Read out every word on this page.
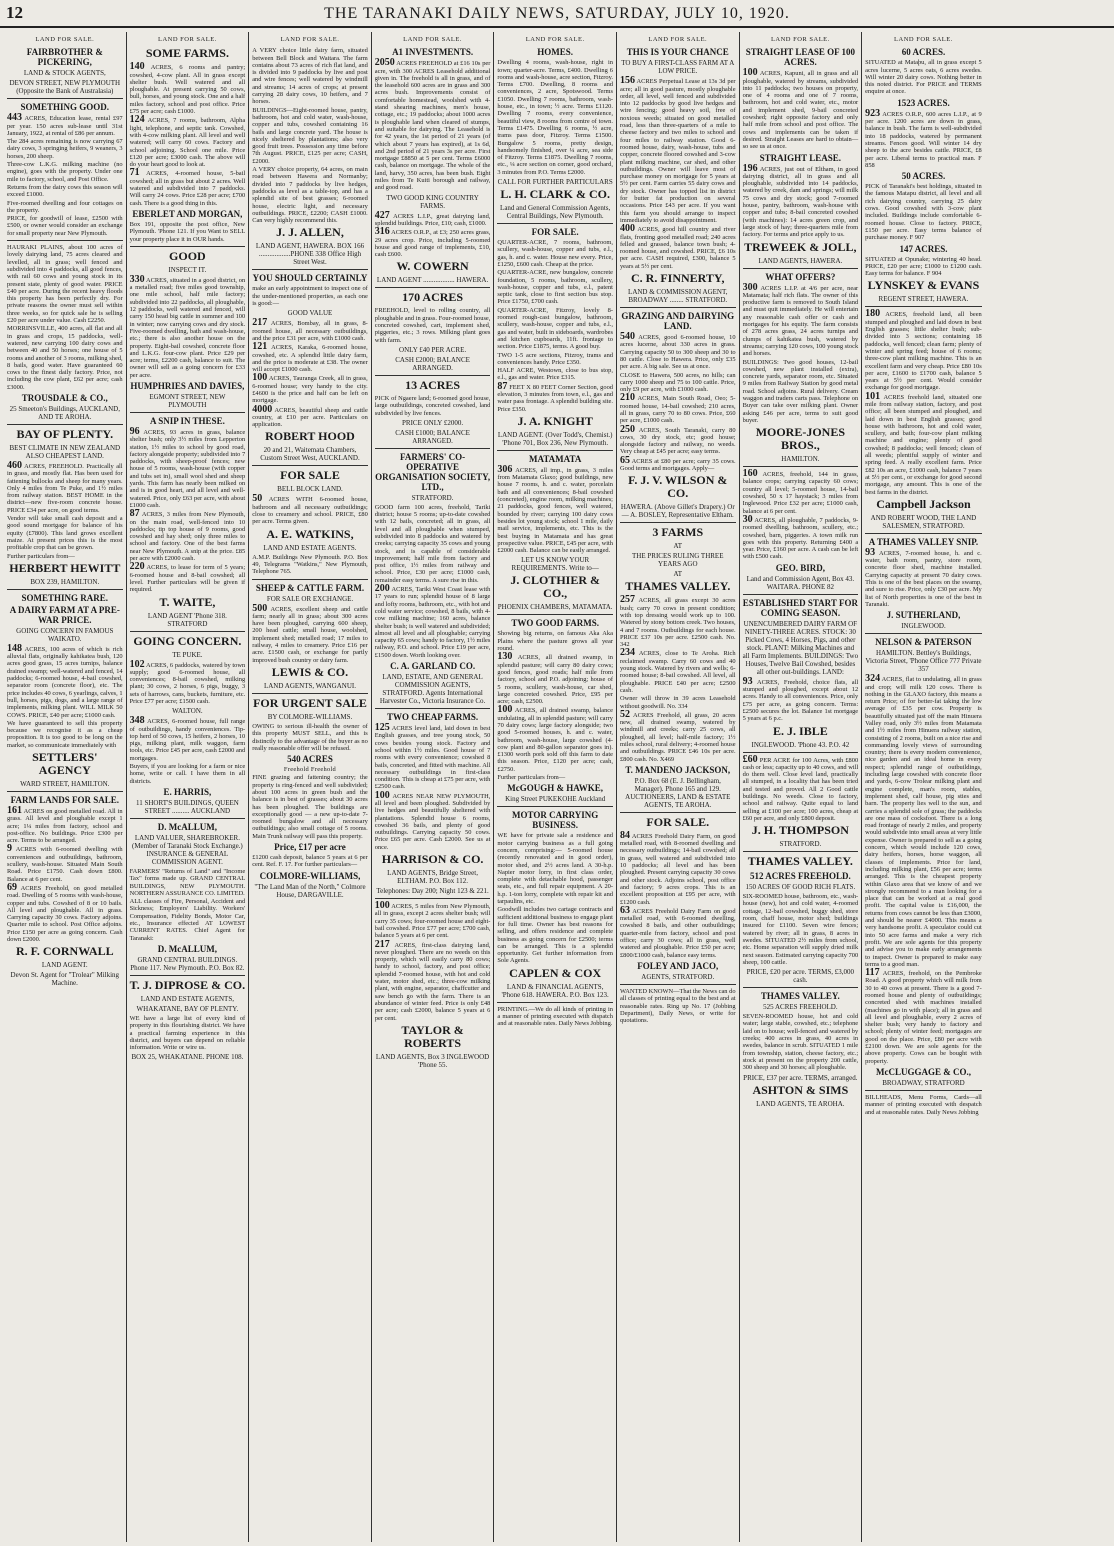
12	THE TARANAKI DAILY NEWS, SATURDAY, JULY 10, 1920.
LAND FOR SALE.
FAIRBROTHER & PICKERING,
LAND & STOCK AGENTS,
DEVON STREET, NEW PLYMOUTH (Opposite the Bank of Australasia)
SOMETHING GOOD.
443 ACRES, Education lease, rental £97 per year. 150 acres sub-lease until 31st January, 1922, at rental of £86 per annum.
The 284 acres remaining is now carrying 67 dairy cows, 3 springing heifers, 9 weaners, 3 horses, 200 sheep.
Three-cow L.K.G. milking machine (no engine), goes with the property. Under one mile to factory, school, and Post Office.
Returns from the dairy cows this season will exceed £1000.
Five-roomed dwelling and four cottages on the property.
PRICE, for goodwill of lease, £2500 with £500, or owner would consider an exchange for small property near New Plymouth.
HAURAKI PLAINS, about 100 acres of lovely dairying land, 75 acres cleared and levelled, all in grass; well fenced and subdivided into 4 paddocks, all good fences, with rail 60 cows and young stock in its present state, plenty of good water. PRICE £40 per acre. During the recent heavy floods this property has been perfectly dry. For private reasons the owner must sell within three weeks, so for quick sale he is selling £20 per acre under value. Cash £2250.
MORRINSVILLE, 400 acres, all flat and all in grass and crops, 15 paddocks, well-watered, new carrying 100 dairy cows and between 40 and 50 horses; one house of 5 rooms and another of 3 rooms, milking shed, 8 bails, good water. Have guaranteed 60 cows to the finest daily factory. Price, not including the cow plant, £62 per acre; cash £3000.
TROUSDALE & CO.,
25 Smeeton's Buildings, AUCKLAND, AND TE AROHA.
BAY OF PLENTY.
BEST CLIMATE IN NEW ZEALAND ALSO CHEAPEST LAND.
460 ACRES, FREEHOLD. Practically all in grass, and mostly flat. Has been used for fattening bullocks and sheep for many years. Only 4 miles from Te Puke, and 1½ miles from railway station. BEST HOME in the district—new five-room concrete house. PRICE £34 per acre, on good terms.
Vendor will take small cash deposit and a good sound mortgage for balance of his equity (£7800). This land grows excellent maize. At present prices this is the most profitable crop that can be grown.
Further particulars from—
HERBERT HEWITT
BOX 239, HAMILTON.
SOMETHING RARE.
A DAIRY FARM AT A PRE-WAR PRICE.
GOING CONCERN IN FAMOUS WAIKATO.
148 ACRES, 100 acres of which is rich alluvial flats, originally kahikatea bush, 120 acres good grass, 15 acres turnips, balance drained swamp; well-watered and fenced, 14 paddocks; 6-roomed house, 4-bail cowshed, separator room (concrete floor), etc. The price includes 40 cows, 6 yearlings, calves, 1 bull, horses, pigs, dogs, and a large range of implements, milking plant. WILL MILK 50 COWS. PRICE, £40 per acre; £1000 cash.
We have guaranteed to sell this property because we recognise it as a cheap proposition. It is too good to be long on the market, so communicate immediately with
SETTLERS' AGENCY
WARD STREET, HAMILTON.
FARM LANDS FOR SALE.
161 ACRES on good metalled road. All in grass. All level and ploughable except 1 acre; 1¼ miles from factory, school and post-office. No buildings. Price £300 per acre. Terms to be arranged.
9 ACRES with 6-roomed dwelling with conveniences and outbuildings, bathroom, scullery, wash-house. Situated Main South Road. Price £1750. Cash down £800. Balance at 6 per cent.
69 ACRES Freehold, on good metalled road. Dwelling of 5 rooms with wash-house, copper and tubs. Cowshed of 8 or 10 bails. All level and ploughable. All in grass. Carrying capacity 30 cows. Factory adjoins. Quarter mile to school. Post Office adjoins. Price £150 per acre as going concern. Cash down £2000.
R. F. CORNWALL
LAND AGENT.
Devon St. Agent for "Trolear" Milking Machine.
LAND FOR SALE.
SOME FARMS.
140 ACRES, 6 rooms and pantry; cowshed, 4-cow plant. All in grass except shelter bush. Well watered and all ploughable. At present carrying 50 cows, bull, horses, and young stock. One and a half miles factory, school and post office. Price £75 per acre; cash £1000.
124 ACRES, 7 rooms, bathroom, Alpha light, telephone, and septic tank. Cowshed, with 4-cow milking plant. All level and well watered; will carry 60 cows. Factory and school adjoining. School one mile. Price £120 per acre; £3000 cash. The above will do your heart good to look at.
71 ACRES, 4-roomed house, 5-bail cowshed; all in grass but about 2 acres. Well watered and subdivided into 7 paddocks. Will carry 24 cows. Price £28 per acre; £700 cash. There is a good thing in this.
EBERLET AND MORGAN,
Box 191, opposite the post office, New Plymouth. 'Phone 121. If you Want to SELL your property place it in OUR hands.
GOOD
INSPECT IT.
330 ACRES, situated in a good district, on a metalled road; five miles good township, one mile school, half mile factory; subdivided into 22 paddocks, all ploughable, 12 paddocks, well watered and fenced, will carry 150 head big cattle in summer and 100 in winter; now carrying cows and dry stock. Five-roomed dwelling, bath and wash-house, etc.; there is also another house on the property. Eight-bail cowshed, concrete floor and L.K.G. four-cow plant. Price £29 per acre; terms, £2200 cash, balance to suit. The owner will sell as a going concern for £33 per acre.
HUMPHRIES AND DAVIES,
EGMONT STREET, NEW PLYMOUTH
A SNIP IN THESE.
96 ACRES, 93 acres in grass, balance shelter bush; only 3½ miles from Lepperton station, 1½ miles to school by good road, factory alongside property; subdivided into 7 paddocks, with sheep-proof fences; new house of 5 rooms, wash-house (with copper and tubs set in), small wool shed and sheep yards. This farm has nearly been milked on and is in good heart, and all level and well-watered. Price, only £63 per acre, with about £1000 cash.
87 ACRES, 3 miles from New Plymouth, on the main road, well-fenced into 10 paddocks; tip top house of 9 rooms, good cowshed and hay shed; only three miles to school and factory. One of the best farms near New Plymouth. A snip at the price. £85 per acre with £2000 cash.
220 ACRES, to lease for term of 5 years; 6-roomed house and 8-bail cowshed; all level. Further particulars will be given if required.
T. WAITE,
LAND AGENT 'Phone 318. STRATFORD
GOING CONCERN.
TE PUKE.
102 ACRES, 6 paddocks, watered by town supply; good 6-roomed house, all conveniences; 8-bail cowshed, milking plant; 30 cows, 2 horses, 6 pigs, buggy, 3 sets of harrows, cans, buckets, furniture, etc. Price £77 per acre; £1500 cash.
WALTON.
348 ACRES, 6-roomed house, full range of outbuildings, handy conveniences. Tip-top herd of 50 cows, 15 heifers, 2 horses, 10 pigs, milking plant, milk waggon, farm tools, etc. Price £45 per acre, cash £2000 and mortgages.
Buyers, if you are looking for a farm or nice home, write or call. I have them in all districts.
E. HARRIS,
11 SHORT'S BUILDINGS, QUEEN STREET .......... AUCKLAND
D. McALLUM,
LAND VALUER, SHAREBROKER. (Member of Taranaki Stock Exchange.) INSURANCE & GENERAL COMMISSION AGENT.
FARMERS' "Returns of Land" and "Income Tax" forms made up. GRAND CENTRAL BUILDINGS, NEW PLYMOUTH. NORTHERN ASSURANCE CO. LIMITED.
ALL classes of Fire, Personal, Accident and Sickness; Employers' Liability. Workers' Compensation, Fidelity Bonds, Motor Car, etc., Insurance effected AT LOWEST CURRENT RATES. Chief Agent for Taranaki:
D. McALLUM,
GRAND CENTRAL BUILDINGS. Phone 117. New Plymouth. P.O. Box 82.
T. J. DIPROSE & CO.
LAND AND ESTATE AGENTS,
WHAKATANE, BAY OF PLENTY.
WE have a large list of every kind of property in this flourishing district. We have a practical farming experience in this district, and buyers can depend on reliable information. Write or wire us.
BOX 25, WHAKATANE. PHONE 108.
LAND FOR SALE.
A VERY choice little dairy farm, situated between Bell Block and Waitara. The farm contains about 73 acres of rich flat land, and is divided into 9 paddocks by live and post and wire fences; well watered by windmill and streams; 14 acres of crops; at present carrying 28 dairy cows, 10 heifers, and 7 horses.
BUILDINGS—Eight-roomed house, pantry, bathroom, hot and cold water, wash-house, copper and tubs, cowshed containing 16 bails and large concrete yard. The house is nicely sheltered by plantations; also very good fruit trees. Possession any time before 7th August. PRICE, £125 per acre; CASH, £2000.
A VERY choice property, 64 acres, on main road between Hawera and Normanby; divided into 7 paddocks by live hedges, paddocks as level as a table-top, and has a splendid site of best grasses; 6-roomed house, electric light, and necessary outbuildings. PRICE, £2200; CASH £1000. Can very highly recommend this.
J. J. ALLEN,
LAND AGENT, HAWERA. BOX 166 ..................PHONE 338 Office High Street West.
YOU SHOULD CERTAINLY
make an early appointment to inspect one of the under-mentioned properties, as each one is good:—
GOOD VALUE
217 ACRES, Bombay, all in grass, 8-roomed house, all necessary outbuildings, and the price £31 per acre, with £1000 cash.
121 ACRES, Karaka, 6-roomed house, cowshed, etc. A splendid little dairy farm, and the price is moderate at £38. The owner will accept £1000 cash.
100 ACRES, Tauranga Creek, all in grass, 6-roomed house; very handy to the city. £4600 is the price and half can be left on mortgage.
4000 ACRES, beautiful sheep and cattle country, at £10 per acre. Particulars on application.
ROBERT HOOD
20 and 21, Waitemata Chambers, Custom Street West, AUCKLAND.
FOR SALE
BELL BLOCK LAND.
50 ACRES WITH 6-roomed house, bathroom and all necessary outbuildings; close to creamery and school. PRICE, £80 per acre. Terms given.
A. E. WATKINS,
LAND AND ESTATE AGENTS.
A.M.P. Buildings New Plymouth. P.O. Box 49, Telegrams "Watkins," New Plymouth, Telephone 765.
SHEEP & CATTLE FARM.
FOR SALE OR EXCHANGE.
500 ACRES, excellent sheep and cattle farm; nearly all in grass; about 300 acres have been ploughed, carrying 600 sheep, 200 head cattle; small house, woolshed, implement shed; metalled road; 17 miles to railway, 4 miles to creamery. Price £16 per acre. £1500 cash, or exchange for partly improved bush country or dairy farm.
LEWIS & CO.
LAND AGENTS, WANGANUI.
FOR URGENT SALE
BY COLMORE-WILLIAMS.
OWING to serious ill-health the owner of this property MUST SELL, and this is distinctly to the advantage of the buyer as no really reasonable offer will be refused.
540 ACRES
Freehold Freehold
FINE grazing and fattening country; the property is ring-fenced and well subdivided; about 100 acres in green bush and the balance is in best of grasses; about 30 acres has been ploughed. The buildings are exceptionally good — a new up-to-date 7-roomed bungalow and all necessary outbuildings; also small cottage of 5 rooms. Main Trunk railway will pass this property.
Price, £17 per acre
£1200 cash deposit, balance 5 years at 6 per cent. Ref. F. 17. For further particulars—
COLMORE-WILLIAMS,
"The Land Man of the North," Colmore House, DARGAVILLE.
LAND FOR SALE.
A1 INVESTMENTS.
2050 ACRES FREEHOLD at £16 10s per acre, with 300 ACRES Leasehold additional given in. The freehold is all in grass, and of the leasehold 600 acres are in grass and 300 acres bush. Improvements consist of comfortable homestead, woolshed with 4-stand shearing machines, men's house, cottage, etc.; 19 paddocks; about 1000 acres is ploughable land when cleared of stumps, and suitable for dairying. The Leasehold is for 42 years, the 1st period of 21 years (of which about 7 years has expired), at 1s 6d, and 2nd period of 21 years 3s per acre. First mortgage £8850 at 5 per cent. Terms £6000 cash, balance on mortgage. The whole of the land, harvy, 350 acres, has been bush. Eight miles from Te Kuiti borough and railway, and good road.
TWO GOOD KING COUNTRY FARMS.
427 ACRES L.I.P., great dairying land, splendid buildings. Price, £10; cash, £1000.
316 ACRES O.R.P., at £3; 250 acres grass, 29 acres crop. Price, including 5-roomed house and good range of implements, £10, cash £600.
W. COWERN
LAND AGENT .................. HAWERA.
170 ACRES
FREEHOLD, level to rolling country, all ploughable and in grass. Four-roomed house, concreted cowshed, cart, implement shed, piggeries, etc.; 3 rows. Milking plant goes with farm.
ONLY £40 PER ACRE.
CASH £2000; BALANCE ARRANGED.
13 ACRES
PICK of Ngaere land; 6-roomed good house, large outbuildings, concreted cowshed, land subdivided by live fences.
PRICE ONLY £2000.
CASH £1000; BALANCE ARRANGED.
FARMERS' CO-OPERATIVE ORGANISATION SOCIETY, LTD.,
STRATFORD.
GOOD farm 100 acres, freehold, Tariki district; house 5 rooms; up-to-date cowshed with 12 bails, concreted; all in grass, all level and all ploughable when stumped, subdivided into 8 paddocks and watered by creeks; carrying capacity 35 cows and young stock, and is capable of considerable improvement; half mile from factory and post office, 1½ miles from railway and school. Price, £30 per acre; £1000 cash, remainder easy terms. A sure rise in this.
200 ACRES, Tariki West Coast lease with 17 years to run; splendid house of 8 large and lofty rooms, bathroom, etc., with hot and cold water service; cowshed, 8 bails, with 4-cow milking machine; 160 acres, balance shelter bush; is well watered and subdivided; almost all level and all ploughable; carrying capacity 65 cows; handy to factory, 1½ miles railway, P.O. and school. Price £19 per acre, £1500 down. Worth looking over.
C. A. GARLAND CO.
LAND, ESTATE, AND GENERAL COMMISSION AGENTS, STRATFORD. Agents International Harvester Co., Victoria Insurance Co.
TWO CHEAP FARMS.
125 ACRES level land, laid down in best English grasses, and tree young stock, 50 cows besides young stock. Factory and school within 1½ miles. Good house of 7 rooms with every convenience; cowshed 8 bails, concreted, and fitted with machine. All necessary outbuildings in first-class condition. This is cheap at £75 per acre, with £2500 cash.
100 ACRES NEAR NEW PLYMOUTH, all level and been ploughed. Subdivided by live hedges and beautifully sheltered with plantations. Splendid house 6 rooms, cowshed 36 bails, and plenty of good outbuildings. Carrying capacity 50 cows. Price £65 per acre. Cash £2000. See us at once.
HARRISON & CO.
LAND AGENTS, Bridge Street, ELTHAM. P.O. Box 112.
Telephones: Day 200; Night 123 & 221.
100 ACRES, 5 miles from New Plymouth, all in grass, except 2 acres shelter bush; will carry 35 cows; four-roomed house and eight-bail cowshed. Price £77 per acre; £700 cash, balance 5 years at 6 per cent.
217 ACRES, first-class dairying land, never ploughed. There are no weeds on this property, which will easily carry 80 cows; handy to school, factory, and post office; splendid 7-roomed house, with hot and cold water, motor shed, etc.; three-cow milking plant, with engine, separator, chaffcutter and saw bench go with the farm. There is an abundance of winter feed. Price is only £48 per acre; cash £2000, balance 5 years at 6 per cent.
TAYLOR & ROBERTS
LAND AGENTS, Box 3 INGLEWOOD 'Phone 55.
LAND FOR SALE.
HOMES.
Dwelling 4 rooms, wash-house, right in town; quarter-acre. Terms, £400. Dwelling 6 rooms and wash-house, acre section, Fitzroy. Terms £700. Dwelling, 8 rooms and conveniences, 2 acre, Spotswood. Terms £1050. Dwelling 7 rooms, bathroom, wash-house, etc., in town; ½ acre. Terms £1120. Dwelling 7 rooms, every convenience, beautiful view, 8 rooms from centre of town. Terms £1475. Dwelling 6 rooms, ½ acre, trams pass door, Fitzroy. Terms £1500. Bungalow 5 rooms, pretty design, handsomely finished, over ¼ acre, sea side of Fitzroy. Terms £1875. Dwelling 7 rooms, etc., ¼ acre section on corner, good orchard, 3 minutes from P.O. Terms £2000.
CALL FOR FURTHER PARTICULARS
L. H. CLARK & CO.
Land and General Commission Agents, Central Buildings, New Plymouth.
FOR SALE.
QUARTER-ACRE, 7 rooms, bathroom, scullery, wash-house, copper and tubs, e.l., gas, h. and c. water. House new every. Price, £1250, £600 cash. Cheap at the price.
QUARTER-ACRE, new bungalow, concrete foundation, 5 rooms, bathroom, scullery, wash-house, copper and tubs, e.l., patent septic tank, close to first section bus stop. Price £1750, £700 cash.
QUARTER-ACRE, Fitzroy, lovely 8-roomed rough-cast bungalow, bathroom, scullery, wash-house, copper and tubs, e.l., gas and water, built in sideboards, wardrobes and kitchen cupboards, 11ft. frontage to section. Price £1875, terms. A good buy.
TWO 1-5 acre sections, Fitzroy, trams and conveniences handy. Price £350.
HALF ACRE, Westown, close to bus stop, e.l., gas and water. Price £315.
87 FEET X 80 FEET Corner Section, good elevation, 3 minutes from town, e.l., gas and water pass frontage. A splendid building site. Price £350.
J. A. KNIGHT
LAND AGENT. (Over Todd's, Chemist.) 'Phone 701, Box 236, New Plymouth.
MATAMATA
306 ACRES, all imp., in grass, 3 miles from Matamata Glaxo; good buildings, new house 7 rooms, h. and c. water, porcelain bath and all conveniences; 8-bail cowshed (concreted), engine room, milking machines; 21 paddocks, good fences, well watered, bounded by river; carrying 100 dairy cows besides lot young stock; school 1 mile, daily mail service, implements, etc. This is the best buying in Matamata and has great prospective value. PRICE, £45 per acre, with £2000 cash. Balance can be easily arranged.
LET US KNOW YOUR REQUIREMENTS. Write to—
J. CLOTHIER & CO.,
PHOENIX CHAMBERS, MATAMATA.
TWO GOOD FARMS.
Showing big returns, on famous Aka Aka Plains where the pasture grows all year round.
130 ACRES, all drained swamp, in splendid pasture; will carry 80 dairy cows; good fences, good roads; half mile from factory, school and P.O. adjoining; house of 5 rooms, scullery, wash-house, car shed, large concreted cowshed. Price, £95 per acre; cash, £2500.
100 ACRES, all drained swamp, balance undulating, all in splendid pasture; will carry 70 dairy cows; large factory alongside; two good 5-roomed houses, h. and c. water, bathroom, wash-house, large cowshed (4-cow plant and 80-gallon separator goes in). £1300 worth pork sold off this farm to date this season. Price, £120 per acre; cash, £2750.
Further particulars from—
McGOUGH & HAWKE,
King Street PUKEKOHE Auckland
MOTOR CARRYING BUSINESS.
WE have for private sale a residence and motor carrying business as a full going concern, comprising:— 5-roomed house (recently renovated and in good order), motor shed, and 2½ acres land. A 30-h.p. Napier motor lorry, in first class order, complete with detachable hood, passenger seats, etc., and full repair equipment. A 20-h.p. 1-ton lorry, complete with repair kit and tarpaulins, etc.
Goodwill includes two cartage contracts and sufficient additional business to engage plant for full time. Owner has best reasons for selling, and offers residence and complete business as going concern for £2500; terms can be arranged. This is a splendid opportunity. Get further information from Sole Agents.
CAPLEN & COX
LAND & FINANCIAL AGENTS, 'Phone 618. HAWERA. P.O. Box 123.
PRINTING.—We do all kinds of printing in a manner of printing executed with dispatch and at reasonable rates. Daily News Jobbing.
LAND FOR SALE.
THIS IS YOUR CHANCE
TO BUY A FIRST-CLASS FARM AT A LOW PRICE.
156 ACRES Perpetual Lease at 13s 3d per acre; all in good pasture, mostly ploughable order, all level, well fenced and subdivided into 12 paddocks by good live hedges and wire fencing; good heavy soil, free of noxious weeds; situated on good metalled road, less than three-quarters of a mile to cheese factory and two miles to school and four miles to railway station. Good 6-roomed house, dairy, wash-house, tubs and copper, concrete floored cowshed and 3-cow plant milking machine, car shed, and other outbuildings. Owner will leave most of purchase money on mortgage for 5 years at 5½ per cent. Farm carries 55 dairy cows and dry stock. Owner has topped list in district for butter fat production on several occasions. Price £43 per acre. If you want this farm you should arrange to inspect immediately to avoid disappointment.
400 ACRES, good hill country and river flats, fronting good metalled road; 240 acres felled and grassed, balance town bush; 4-roomed house, and cowshed. PRICE, £6 10s per acre. CASH required, £300, balance 5 years at 5½ per cent.
C. R. FINNERTY,
LAND & COMMISSION AGENT, BROADWAY ........ STRATFORD.
GRAZING AND DAIRYING LAND.
540 ACRES, good 6-roomed house, 10 acres lucerne, about 330 acres in grass. Carrying capacity 50 to 300 sheep and 30 to 80 cattle. Close to Hawera. Price, only £35 per acre. A big sale. See us at once.
CLOSE to Hawera, 500 acres, no hills; can carry 1000 sheep and 75 to 100 cattle. Price, only £9 per acre, with £1000 cash.
210 ACRES, Main South Road, Oeo; 5-roomed house, 14-bail cowshed; 210 acres, all in grass, carry 70 to 80 cows. Price, £60 per acre, £1000 cash.
250 ACRES, South Taranaki, carry 80 cows, 30 dry stock, etc; good house; alongside factory and railway, no weeds. Very cheap at £45 per acre; easy terms.
65 ACRES at £80 per acre; carry 35 cows. Good terms and mortgages. Apply—
F. J. V. WILSON & CO.
HAWERA. (Above Gillet's Drapery.) Or— A. BOSLEY, Representative Eltham.
3 FARMS
AT
THE PRICES RULING THREE YEARS AGO
AT
THAMES VALLEY.
257 ACRES, all grass except 30 acres bush; carry 70 cows in present condition; with top dressing would work up to 100. Watered by stony bottom creek. Two houses, 4 and 7 rooms. Outbuildings for each house. PRICE £37 10s per acre. £2500 cash. No. 342
234 ACRES, close to Te Aroha. Rich reclaimed swamp. Carry 60 cows and 40 young stock. Watered by rivers and wells; 6-roomed house; 8-bail cowshed. All level, all ploughable. PRICE £40 per acre; £2500 cash.
Owner will throw in 39 acres Leasehold without goodwill. No. 334
52 ACRES Freehold, all grass, 20 acres new, all drained swamp, watered by windmill and creeks; carry 25 cows, all ploughed, all level; half-mile factory; 1½ miles school, rural delivery; 4-roomed house and outbuildings. PRICE £46 10s per acre. £800 cash. No. X469
T. MANDENO JACKSON,
P.O. Box 68 (E. J. Bellingham, Manager). Phone 165 and 129. AUCTIONEERS, LAND & ESTATE AGENTS, TE AROHA.
FOR SALE.
84 ACRES Freehold Dairy Farm, on good metalled road, with 8-roomed dwelling and necessary outbuildings; 14-bail cowshed; all in grass, well watered and subdivided into 10 paddocks; all level and has been ploughed. Present carrying capacity 30 cows and other stock. Adjoins school, post office and factory; 9 acres crops. This is an excellent proposition at £95 per acre, with £1200 cash.
63 ACRES Freehold Dairy Farm on good metalled road, with 6-roomed dwelling, cowshed 8 bails, and other outbuildings; quarter-mile from factory, school and post office; carry 30 cows; all in grass, well watered and ploughable. Price £50 per acre; £800/£1000 cash, balance easy terms.
FOLEY AND JACO,
AGENTS, STRATFORD.
WANTED KNOWN—That the News can do all classes of printing equal to the best and at reasonable rates. Ring up No. 17 (Jobbing Department), Daily News, or write for quotations.
LAND FOR SALE.
STRAIGHT LEASE OF 100 ACRES.
100 ACRES, Kapuni, all in grass and all ploughable, watered by streams, subdivided into 11 paddocks; two houses on property, one of 4 rooms and one of 7 rooms, bathroom, hot and cold water, etc., motor and implement shed, 9-bail concreted cowshed; right opposite factory and only half mile from school and post office. The cows and implements can be taken if desired. Straight Leases are hard to obtain—so see us at once.
STRAIGHT LEASE.
196 ACRES, just out of Eltham, in good dairying district, all in grass and all ploughable, subdivided into 14 paddocks, watered by creek, dam and springs; will milk 75 cows and dry stock; good 7-roomed house, pantry, bathroom, wash-house with copper and tubs; 8-bail concreted cowshed (with machines): 14 acres green crop, and large stock of hay; three-quarters mile from factory. For terms and price apply to us.
TREWEEK & JOLL,
LAND AGENTS, HAWERA.
WHAT OFFERS?
300 ACRES L.I.P. at 4/6 per acre, near Matamata; half rich flats. The owner of this productive farm is removed to South Island and must quit immediately. He will entertain any reasonable cash offer or cash and mortgages for his equity. The farm consists of 278 acres grass, 24 acres turnips and clumps of kahikatea bush, watered by streams; carrying 120 cows, 100 young stock and horses.
BUILDINGS: Two good houses, 12-bail cowshed, new plant installed (extra), concrete yards, separator room, etc. Situated 9 miles from Railway Station by good metal road. School adjoins. Rural delivery. Cream waggon and traders carts pass. Telephone on Buyer can take over milking plant. Owner asking £46 per acre, terms to suit good buyer.
MOORE-JONES BROS.,
HAMILTON.
160 ACRES, freehold, 144 in grass, balance crops; carrying capacity 60 cows; country all level; 5-roomed house, 14-bail cowshed, 50 x 17 haystack; 3 miles from Inglewood. Price £32 per acre; £1000 cash, balance at 6 per cent.
30 ACRES, all ploughable, 7 paddocks, 9-roomed dwelling, bathroom, scullery, etc.; cowshed, barn, piggeries. A town milk run goes with this property. Returning £400 a year. Price, £160 per acre. A cash can be left with £500 cash.
GEO. BIRD,
Land and Commission Agent, Box 43. WAITARA. PHONE 82
ESTABLISHED START FOR COMING SEASON.
UNENCUMBERED DAIRY FARM OF NINETY-THREE ACRES. STOCK: 30 Picked Cows, 4 Horses, Pigs, and other stock. PLANT: Milking Machines and all Farm Implements. BUILDINGS: Two Houses, Twelve Bail Cowshed, besides all other out-buildings. LAND:
93 ACRES, Freehold, choice flats, all stumped and ploughed, except about 12 acres. Handy to all conveniences. Price, only £75 per acre, as going concern. Terms: £2500 secures the lot. Balance 1st mortgage 5 years at 6 p.c.
E. J. IBLE
INGLEWOOD. 'Phone 43. P.O. 42
£60 PER ACRE for 100 Acres, with £800 cash or less; capacity up to 40 cows, and will do them well. Close level land, practically all stumped, in a locality that has been tried and tested and proved. All 2 Good cattle buildings. No weeds. Close to factory, school and railway. Quite equal to land selling at £100 per acre; 100 acres, cheap at £60 per acre, and only £800 deposit.
J. H. THOMPSON
STRATFORD.
THAMES VALLEY.
512 ACRES FREEHOLD.
150 ACRES OF GOOD RICH FLATS.
SIX-ROOMED house, bathroom, etc., wash-house (new), hot and cold water, 4-roomed cottage, 12-bail cowshed, buggy shed, store room, chaff house, motor shed; buildings insured for £1100. Seven wire fences; watered by river; all in grass, 8 acres in swedes. SITUATED 2½ miles from school, etc. Home separation will supply dried milk next season. Estimated carrying capacity 700 sheep, 100 cattle.
PRICE, £20 per acre. TERMS, £3,000 cash.
THAMES VALLEY.
525 ACRES FREEHOLD.
SEVEN-ROOMED house, hot and cold water; large stable, cowshed, etc.; telephone laid on to house; well-fenced and watered by creeks; 400 acres in grass, 40 acres in swedes, balance in scrub. SITUATED 1 mile from township, station, cheese factory, etc.; stock at present on the property 200 cattle, 300 sheep and 30 horses; all ploughable.
PRICE, £37 per acre. TERMS, arranged.
ASHTON & SIMS
LAND AGENTS, TE AROHA.
LAND FOR SALE.
60 ACRES.
SITUATED at Mataþu, all in grass except 5 acres lucerne, 5 acres oats, 6 acres swedes. Will winter 20 dairy cows. Nothing better in this noted district. For PRICE and TERMS enquire at once.
1523 ACRES.
923 ACRES O.R.P., 600 acres L.I.P., at 9 per acre. 1200 acres are down in grass, balance in bush. The farm is well-subdivided into 18 paddocks, watered by permanent streams. Fences good. Will winter 14 dry sheep to the acre besides cattle. PRICE, £8 per acre. Liberal terms to practical man. F 858
50 ACRES.
PICK of Taranaki's best holdings, situated in the famous Matapu district, all level and all rich dairying country, carrying 25 dairy cows. Good cowshed with 3-cow plant included. Buildings include comfortable 6-roomed house. Close to factory. PRICE, £150 per acre. Easy terms balance of purchase money. F 907
147 ACRES.
SITUATED at Opunake; wintering 40 head. PRICE, £20 per acre; £1000 to £1200 cash. Easy terms for balance. F 904
LYNSKEY & EVANS
REGENT STREET, HAWERA.
180 ACRES, freehold land, all been stumped and ploughed and laid down in best English grasses; little shelter bush; sub-divided into 3 sections; containing 18 paddocks, well fenced; clean farm; plenty of winter and spring feed; house of 6 rooms; three-cow plant milking machine. This is an excellent farm and very cheap. Price £80 10s per acre, £1600 to £1700 cash, balance 5 years at 5½ per cent. Would consider exchange for good mortgage.
101 ACRES freehold land, situated one mile from railway station, factory, and post office; all been stumped and ploughed, and laid down in best English grasses; good house with bathroom, hot and cold water, scullery, and bath; four-cow plant milking machine and engine; plenty of good cowshed; 8 paddocks; well fenced; clean of all weeds; plentiful supply of winter and spring feed. A really excellent farm. Price £82 10s an acre, £1000 cash, balance 7 years at 5½ per cent., or exchange for good second mortgage, any amount. This is one of the best farms in the district.
Campbell Jackson
AND ROBERT WOOD, THE LAND SALESMEN, STRATFORD.
A THAMES VALLEY SNIP.
93 ACRES, 7-roomed house, h. and c. water, bath room, pantry, store room, concrete floor shed, machine installed. Carrying capacity at present 70 dairy cows. This is one of the best places on the swamp, and sure to rise. Price, only £30 per acre. My list of North properties is one of the best in Taranaki.
J. SUTHERLAND,
INGLEWOOD.
NELSON & PATERSON
HAMILTON. Bettley's Buildings, Victoria Street, 'Phone Office 777 Private 357
324 ACRES, flat to undulating, all in grass and crop; will milk 120 cows. There is nothing in the GLAXO factory, this means a return Price; of for better-fat taking the low average of £35 per cow. Property is beautifully situated just off the main Hinuera Valley road, only 3½ miles from Matamata and 1½ miles from Hinuera railway station, consisting of 2 rooms, built on a nice rise and commanding lovely views of surrounding country; there is every modern convenience, nice garden and an ideal home in every respect; splendid range of outbuildings, including large cowshed with concrete floor and yards, 6-cow Trolear milking plant and engine complete, man's room, stables, implement shed, calf house, pig sties and barn. The property lies well to the sun, and carries a splendid sole of grass; the paddocks are one mass of cocksfoot. There is a long road frontage of nearly 2 miles, and property would subdivide into small areas at very little expense. Owner is prepared to sell as a going concern, which would include 120 cows, dairy heifers, horses, horse waggon, all classes of implements. Price for land, including milking plant, £56 per acre; terms arranged. This is the cheapest property within Glaxo area that we know of and we strongly recommend to a man looking for a place that can be worked at a real good profit. The capital value is £16,000, the returns from cows cannot be less than £3000, and should be nearer £4000. This means a very handsome profit. A speculator could cut into 50 acre farms and make a very rich profit. We are sole agents for this property and advise you to make early arrangements to inspect. Owner is prepared to make easy terms to a good man.
117 ACRES, freehold, on the Pembroke Road. A good property which will milk from 30 to 40 cows at present. There is a good 7-roomed house and plenty of outbuildings; concreted shed with machines installed (machines go in with place); all in grass and all level and ploughable, every 2 acres of shelter bush; very handy to factory and school; plenty of winter feed; mortgages are good on the place. Price, £80 per acre with £2100 down. We are sole agents for the above property. Cows can be bought with property.
McCLUGGAGE & CO.,
BROADWAY, STRATFORD
BILLHEADS, Menu Forms, Cards—all manner of printing executed with despatch and at reasonable rates. Daily News Jobbing
